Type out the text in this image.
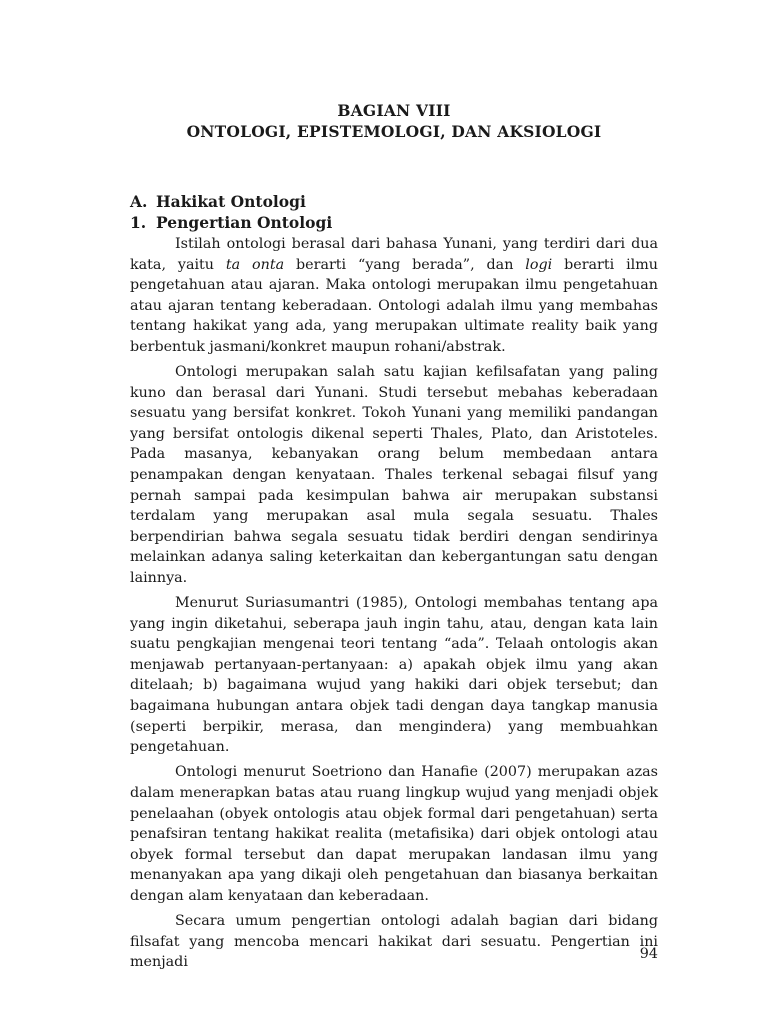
BAGIAN VIII
ONTOLOGI, EPISTEMOLOGI, DAN AKSIOLOGI
A. Hakikat Ontologi
1. Pengertian Ontologi

Istilah ontologi berasal dari bahasa Yunani, yang terdiri dari dua kata, yaitu ta onta berarti “yang berada”, dan logi berarti ilmu pengetahuan atau ajaran. Maka ontologi merupakan ilmu pengetahuan atau ajaran tentang keberadaan. Ontologi adalah ilmu yang membahas tentang hakikat yang ada, yang merupakan ultimate reality baik yang berbentuk jasmani/konkret maupun rohani/abstrak.

Ontologi merupakan salah satu kajian kefilsafatan yang paling kuno dan berasal dari Yunani. Studi tersebut mebahas keberadaan sesuatu yang bersifat konkret. Tokoh Yunani yang memiliki pandangan yang bersifat ontologis dikenal seperti Thales, Plato, dan Aristoteles. Pada masanya, kebanyakan orang belum membedaan antara penampakan dengan kenyataan. Thales terkenal sebagai filsuf yang pernah sampai pada kesimpulan bahwa air merupakan substansi terdalam yang merupakan asal mula segala sesuatu. Thales berpendirian bahwa segala sesuatu tidak berdiri dengan sendirinya melainkan adanya saling keterkaitan dan kebergantungan satu dengan lainnya.

Menurut Suriasumantri (1985), Ontologi membahas tentang apa yang ingin diketahui, seberapa jauh ingin tahu, atau, dengan kata lain suatu pengkajian mengenai teori tentang “ada”. Telaah ontologis akan menjawab pertanyaan-pertanyaan: a) apakah objek ilmu yang akan ditelaah; b) bagaimana wujud yang hakiki dari objek tersebut; dan bagaimana hubungan antara objek tadi dengan daya tangkap manusia (seperti berpikir, merasa, dan mengindera) yang membuahkan pengetahuan.

Ontologi menurut Soetriono dan Hanafie (2007) merupakan azas dalam menerapkan batas atau ruang lingkup wujud yang menjadi objek penelaahan (obyek ontologis atau objek formal dari pengetahuan) serta penafsiran tentang hakikat realita (metafisika) dari objek ontologi atau obyek formal tersebut dan dapat merupakan landasan ilmu yang menanyakan apa yang dikaji oleh pengetahuan dan biasanya berkaitan dengan alam kenyataan dan keberadaan.

Secara umum pengertian ontologi adalah bagian dari bidang filsafat yang mencoba mencari hakikat dari sesuatu. Pengertian ini menjadi

94
